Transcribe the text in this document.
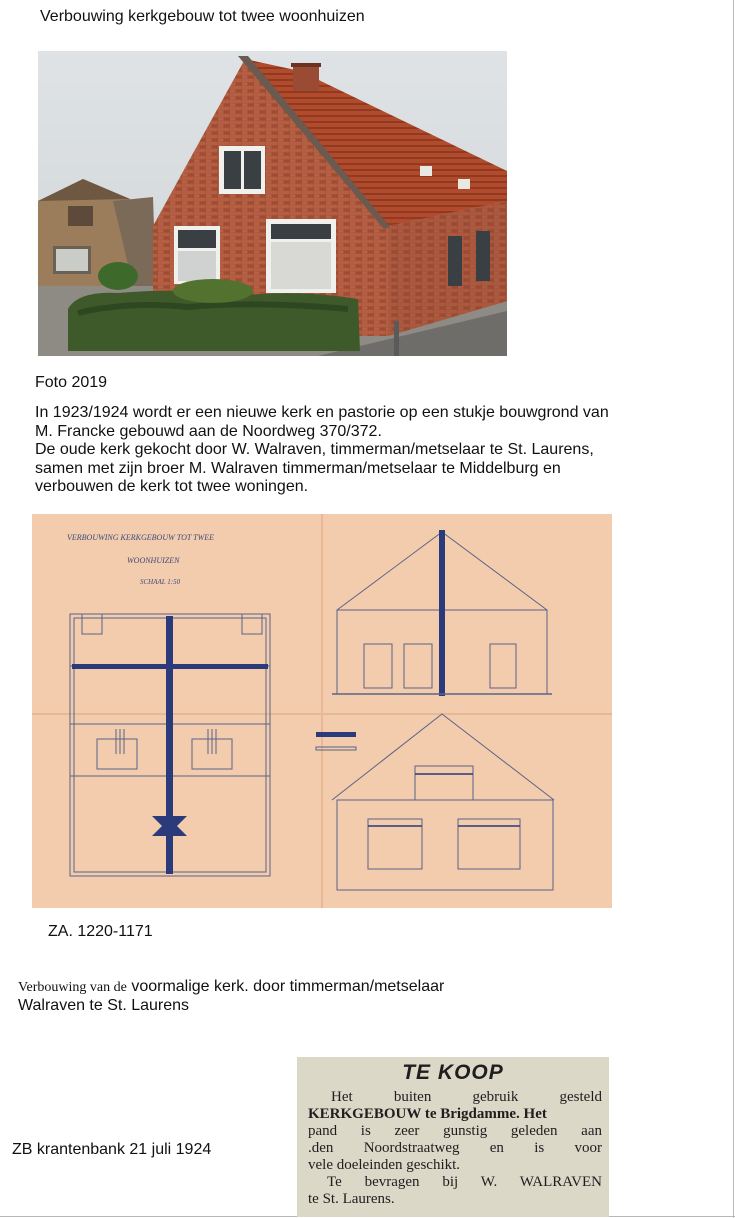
Verbouwing kerkgebouw tot twee woonhuizen
Foto 2019
In 1923/1924 wordt er een nieuwe kerk en pastorie op een stukje bouwgrond van
M. Francke gebouwd aan de Noordweg 370/372.
De oude kerk gekocht door W. Walraven, timmerman/metselaar te St. Laurens,
samen met zijn broer M. Walraven timmerman/metselaar te Middelburg en
verbouwen de kerk tot twee woningen.
VERBOUWING KERKGEBOUW TOT TWEE
WOONHUIZEN
SCHAAL 1:50
ZA. 1220-1171
Verbouwing van de voormalige kerk. door timmerman/metselaar
Walraven te St. Laurens
ZB krantenbank 21 juli 1924
TE KOOP
Het buiten gebruik gesteld
KERKGEBOUW te Brigdamme. Het
pand is zeer gunstig geleden aan
.den Noordstraatweg en is voor
vele doeleinden geschikt.
Te bevragen bij W. WALRAVEN
te St. Laurens.
